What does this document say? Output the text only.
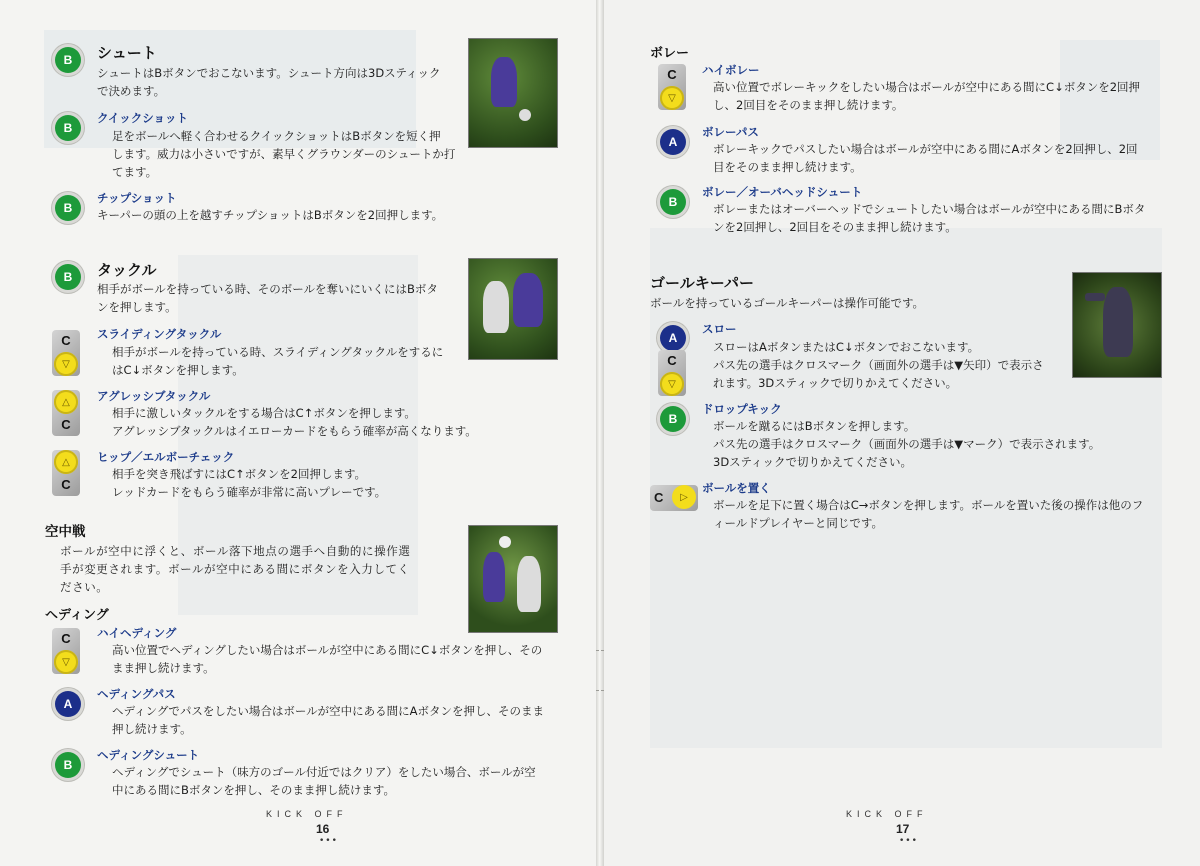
B	シュート
シュートはBボタンでおこないます。シュート方向は3Dスティック
で決めます。
B
クイックショット
足をボールへ軽く合わせるクイックショットはBボタンを短く押
します。威力は小さいですが、素早くグラウンダーのシュートか打
てます。
B
チップショット
キーパーの頭の上を越すチップショットはBボタンを2回押します。
B	タックル
相手がボールを持っている時、そのボールを奪いにいくにはBボタ
ンを押します。
C
▽
スライディングタックル
相手がボールを持っている時、スライディングタックルをするに
はC↓ボタンを押します。
△
C
アグレッシブタックル
相手に激しいタックルをする場合はC↑ボタンを押します。
アグレッシブタックルはイエローカードをもらう確率が高くなります。
△
C
ヒップ／エルボーチェック
相手を突き飛ばすにはC↑ボタンを2回押します。
レッドカードをもらう確率が非常に高いプレーです。
空中戦
ボールが空中に浮くと、ボール落下地点の選手へ自動的に操作選
手が変更されます。ボールが空中にある間にボタンを入力してく
ださい。
ヘディング
C
▽
ハイヘディング
高い位置でヘディングしたい場合はボールが空中にある間にC↓ボタンを押し、その
まま押し続けます。
A
ヘディングパス
ヘディングでパスをしたい場合はボールが空中にある間にAボタンを押し、そのまま
押し続けます。
B
ヘディングシュート
ヘディングでシュート（味方のゴール付近ではクリア）をしたい場合、ボールが空
中にある間にBボタンを押し、そのまま押し続けます。
KICK OFF
16
•••
ボレー
C
▽
ハイボレー
高い位置でボレーキックをしたい場合はボールが空中にある間にC↓ボタンを2回押
し、2回目をそのまま押し続けます。
A
ボレーパス
ボレーキックでパスしたい場合はボールが空中にある間にAボタンを2回押し、2回
目をそのまま押し続けます。
B
ボレー／オーバヘッドシュート
ボレーまたはオーバーヘッドでシュートしたい場合はボールが空中にある間にBボタ
ンを2回押し、2回目をそのまま押し続けます。
ゴールキーパー
ボールを持っているゴールキーパーは操作可能です。
A
C
▽
スロー
スローはAボタンまたはC↓ボタンでおこないます。
パス先の選手はクロスマーク（画面外の選手は▼矢印）で表示さ
れます。3Dスティックで切りかえてください。
B
ドロップキック
ボールを蹴るにはBボタンを押します。
パス先の選手はクロスマーク（画面外の選手は▼マーク）で表示されます。
3Dスティックで切りかえてください。
C	▷
ボールを置く
ボールを足下に置く場合はC→ボタンを押します。ボールを置いた後の操作は他のフ
ィールドプレイヤーと同じです。
KICK OFF
17
•••
